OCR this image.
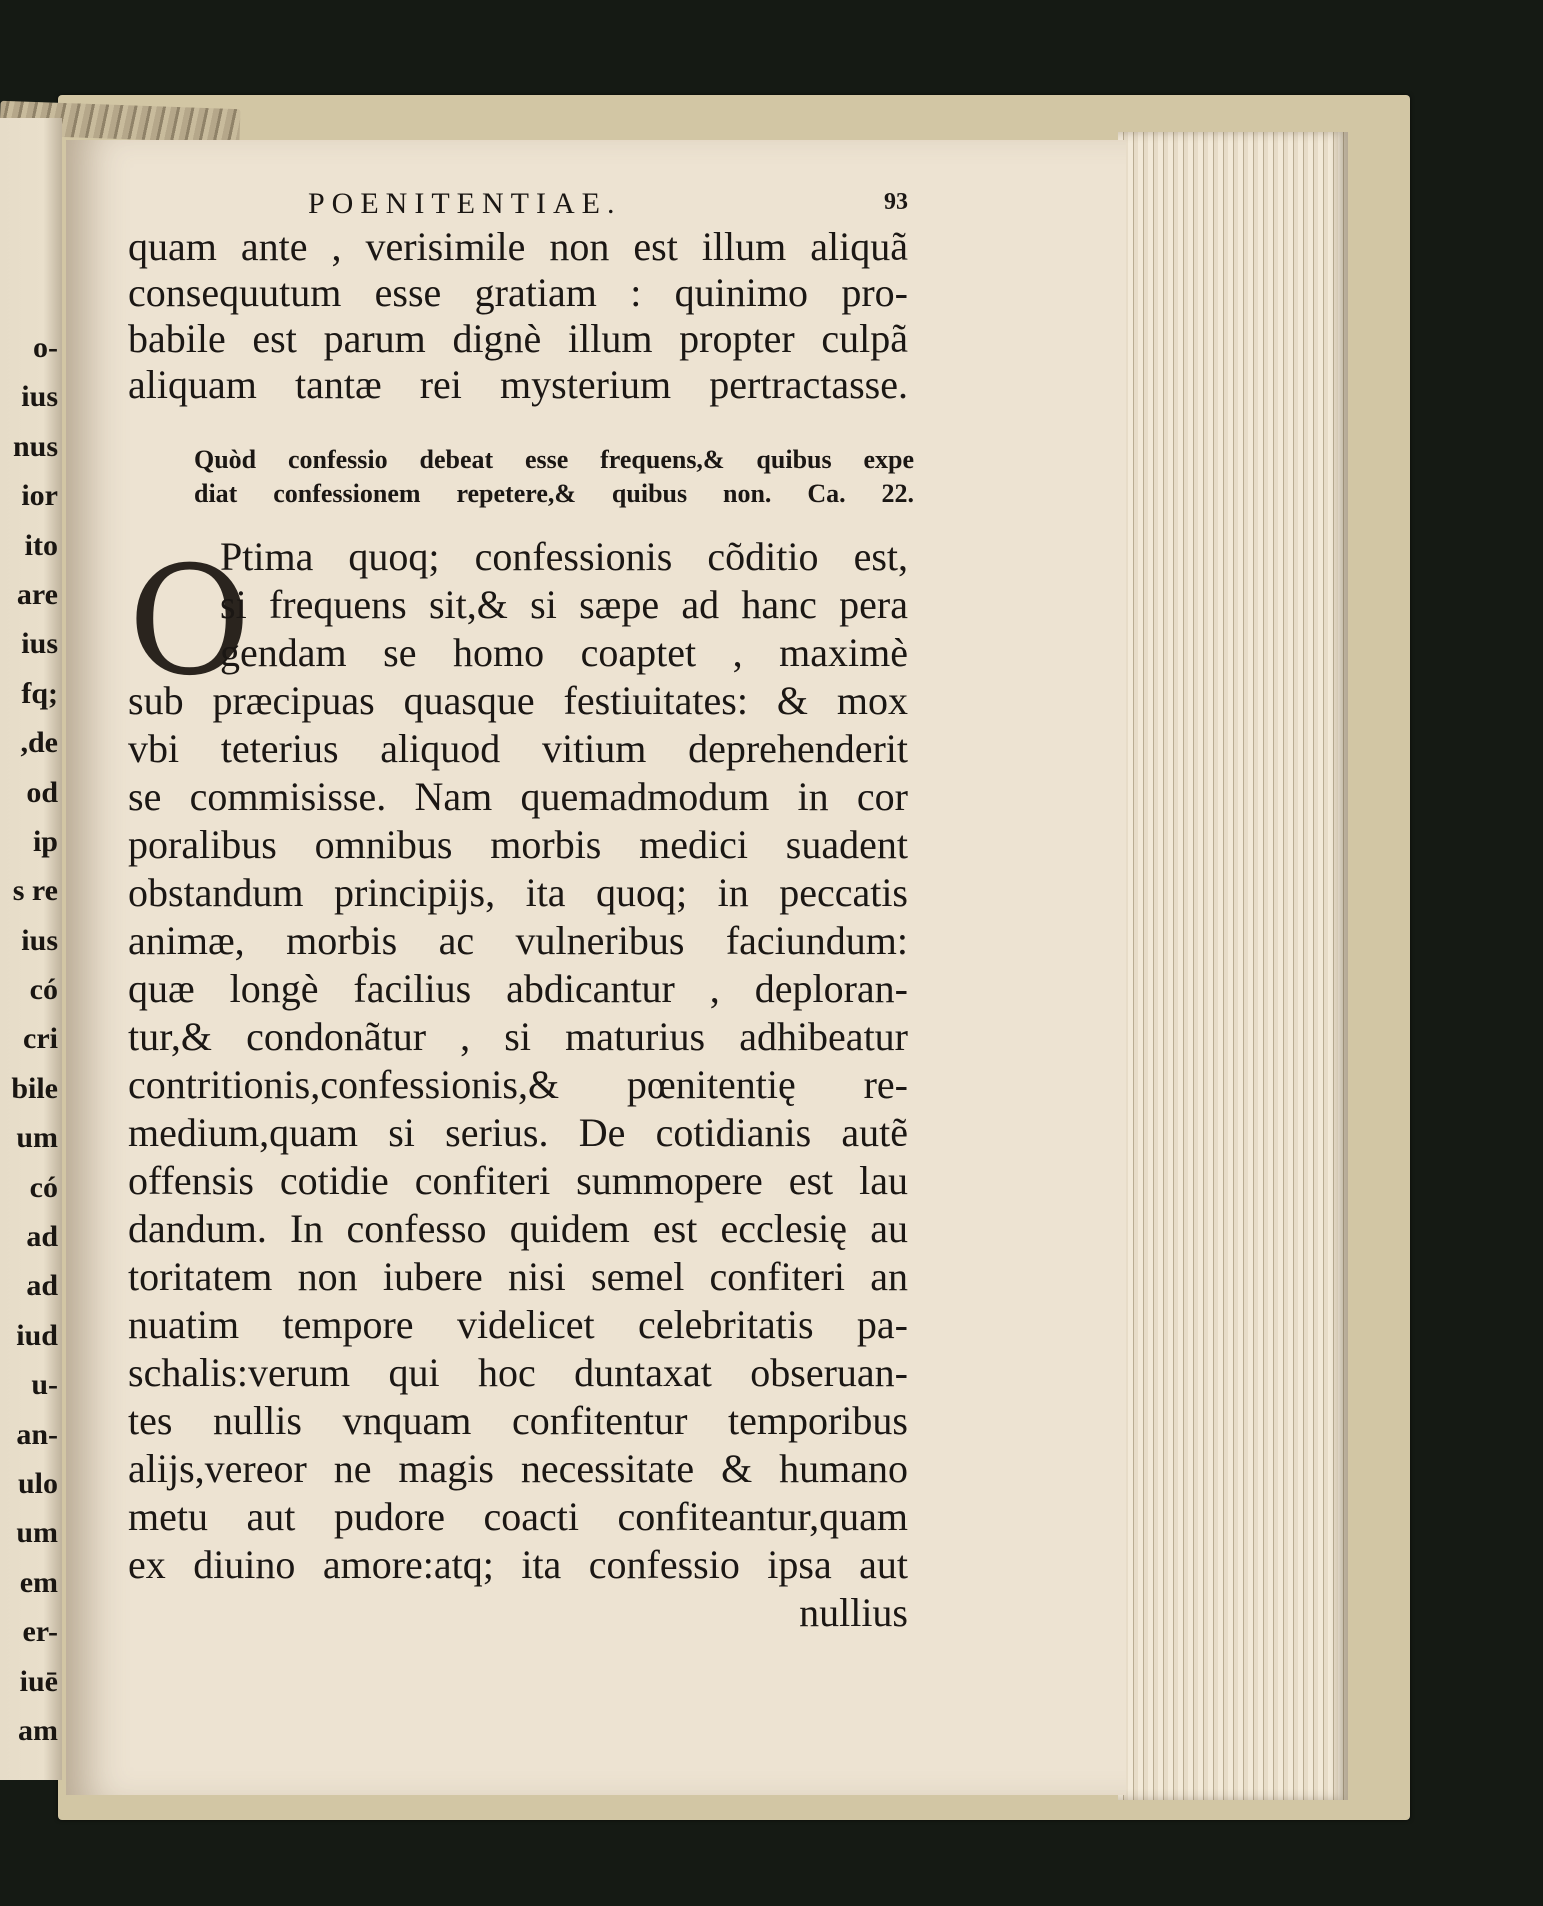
o-
ius
nus
ior
ito
are
ius
fq;
,de
od
ip
s re
ius
có
cri
bile
um
có
ad
ad
iud
u-
an-
ulo
um
em
er-
iuē
am
POENITENTIAE.	93
quam ante , verisimile non est illum aliquã
consequutum esse gratiam : quinimo pro-
babile est parum dignè illum propter culpã
aliquam tantæ rei mysterium pertractasse.
Quòd confessio debeat esse frequens,& quibus expe
diat confessionem repetere,& quibus non. Ca. 22.
O
Ptima quoq; confessionis cõditio est,
si frequens sit,& si sæpe ad hanc pera
gendam se homo coaptet , maximè
sub præcipuas quasque festiuitates: & mox
vbi teterius aliquod vitium deprehenderit
se commisisse. Nam quemadmodum in cor
poralibus omnibus morbis medici suadent
obstandum principijs, ita quoq; in peccatis
animæ, morbis ac vulneribus faciundum:
quæ longè facilius abdicantur , deploran-
tur,& condonãtur , si maturius adhibeatur
contritionis,confessionis,& pœnitentię re-
medium,quam si serius. De cotidianis autẽ
offensis cotidie confiteri summopere est lau
dandum. In confesso quidem est ecclesię au
toritatem non iubere nisi semel confiteri an
nuatim tempore videlicet celebritatis pa-
schalis:verum qui hoc duntaxat obseruan-
tes nullis vnquam confitentur temporibus
alijs,vereor ne magis necessitate & humano
metu aut pudore coacti confiteantur,quam
ex diuino amore:atq; ita confessio ipsa aut
nullius
